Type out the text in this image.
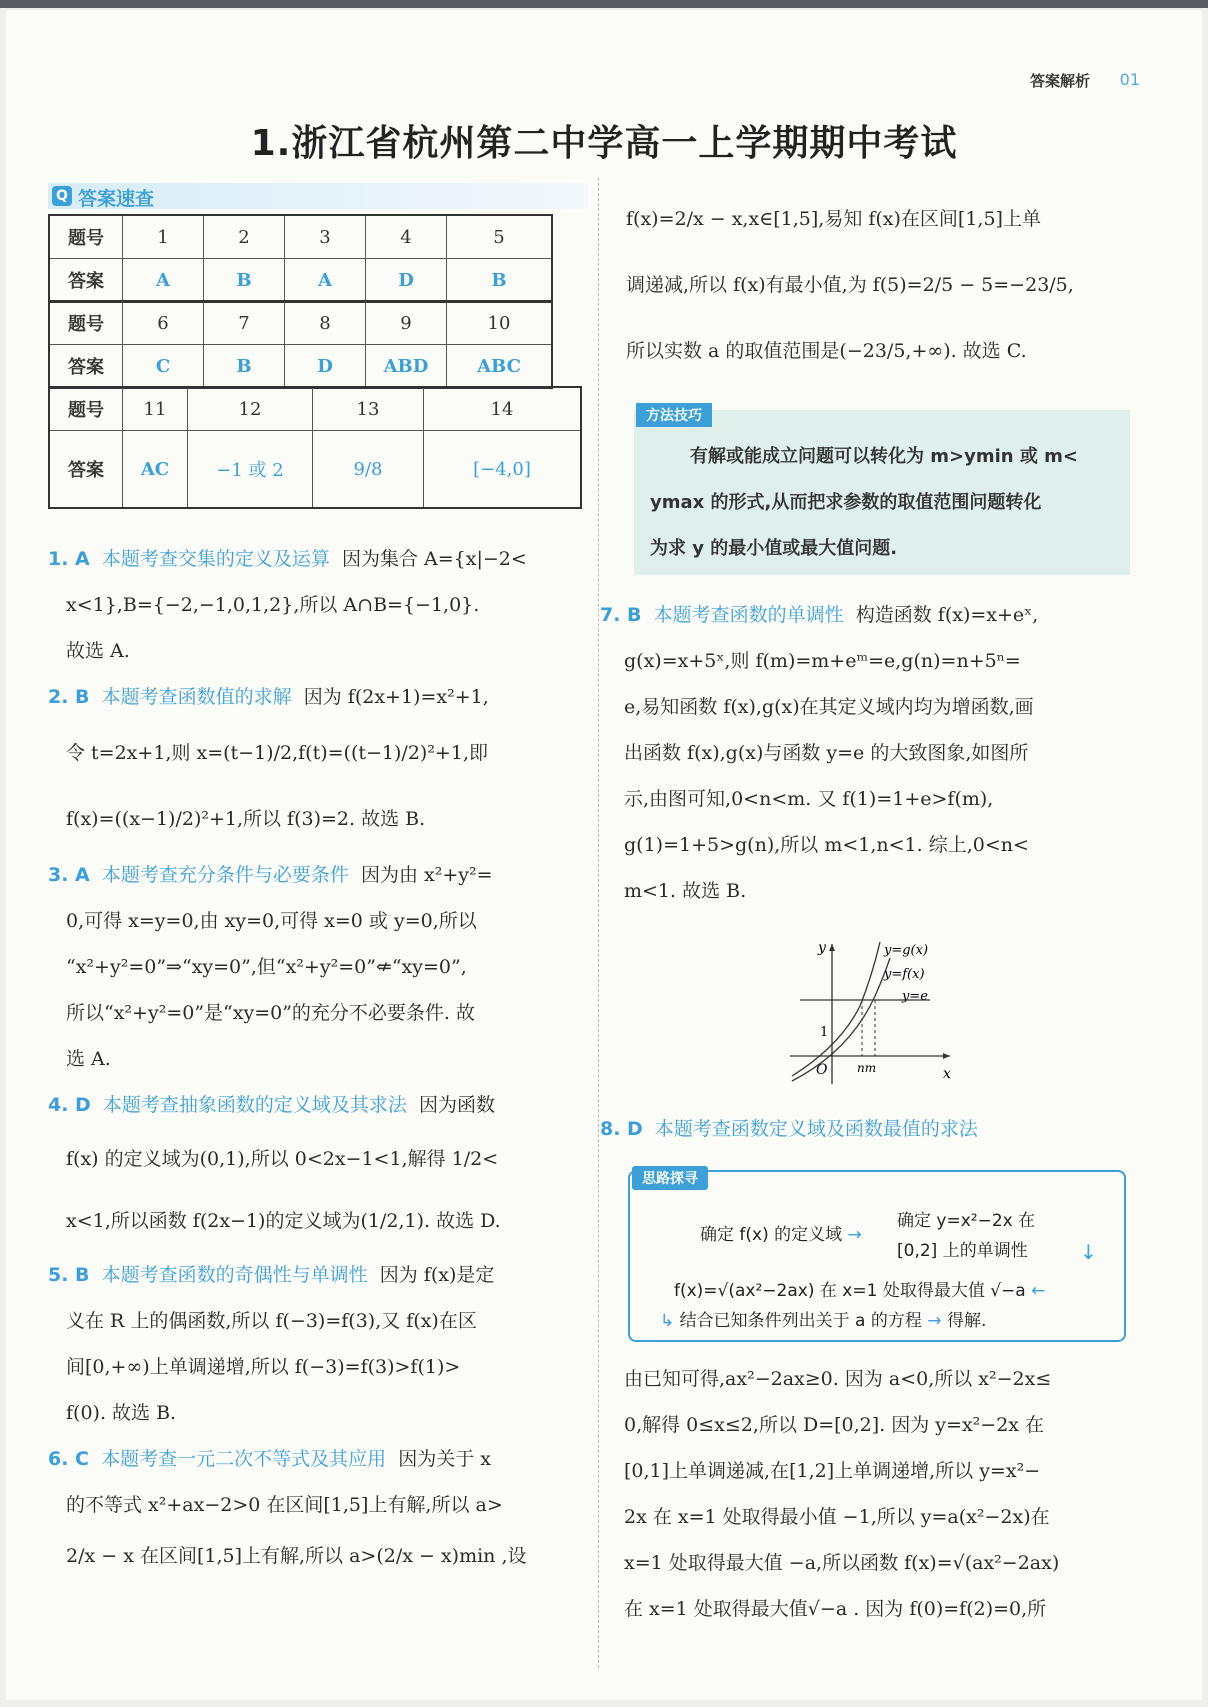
答案解析 01
1.浙江省杭州第二中学高一上学期期中考试
Q 答案速查
题号	1	2	3	4	5
答案	A	B	A	D	B
题号	6	7	8	9	10
答案	C	B	D	ABD	ABC
题号	11	12	13	14
答案	AC	−1 或 2	9/8	[−4,0]

1. A 本题考查交集的定义及运算 因为集合 A={x|−2<

x<1},B={−2,−1,0,1,2},所以 A∩B={−1,0}.

故选 A.

2. B 本题考查函数值的求解 因为 f(2x+1)=x²+1,

令 t=2x+1,则 x=(t−1)/2,f(t)=((t−1)/2)²+1,即

f(x)=((x−1)/2)²+1,所以 f(3)=2. 故选 B.

3. A 本题考查充分条件与必要条件 因为由 x²+y²=

0,可得 x=y=0,由 xy=0,可得 x=0 或 y=0,所以

“x²+y²=0”⇒“xy=0”,但“x²+y²=0”⇍“xy=0”,

所以“x²+y²=0”是“xy=0”的充分不必要条件. 故

选 A.

4. D 本题考查抽象函数的定义域及其求法 因为函数

f(x) 的定义域为(0,1),所以 0<2x−1<1,解得 1/2<

x<1,所以函数 f(2x−1)的定义域为(1/2,1). 故选 D.

5. B 本题考查函数的奇偶性与单调性 因为 f(x)是定

义在 R 上的偶函数,所以 f(−3)=f(3),又 f(x)在区

间[0,+∞)上单调递增,所以 f(−3)=f(3)>f(1)>

f(0). 故选 B.

6. C 本题考查一元二次不等式及其应用 因为关于 x

的不等式 x²+ax−2>0 在区间[1,5]上有解,所以 a>

2/x − x 在区间[1,5]上有解,所以 a>(2/x − x)min ,设

f(x)=2/x − x,x∈[1,5],易知 f(x)在区间[1,5]上单

调递减,所以 f(x)有最小值,为 f(5)=2/5 − 5=−23/5,

所以实数 a 的取值范围是(−23/5,+∞). 故选 C.

方法技巧
有解或能成立问题可以转化为 m>ymin 或 m<
ymax 的形式,从而把求参数的取值范围问题转化
为求 y 的最小值或最大值问题.

7. B 本题考查函数的单调性 构造函数 f(x)=x+eˣ,

g(x)=x+5ˣ,则 f(m)=m+eᵐ=e,g(n)=n+5ⁿ=

e,易知函数 f(x),g(x)在其定义域内均为增函数,画

出函数 f(x),g(x)与函数 y=e 的大致图象,如图所

示,由图可知,0<n<m. 又 f(1)=1+e>f(m),

g(1)=1+5>g(n),所以 m<1,n<1. 综上,0<n<

m<1. 故选 B.

y
x
O
1
nm
y=g(x)
y=f(x)
y=e

8. D 本题考查函数定义域及函数最值的求法

思路探寻
确定 f(x) 的定义域 →
确定 y=x²−2x 在
[0,2] 上的单调性	↓
f(x)=√(ax²−2ax) 在 x=1 处取得最大值 √−a ←
↳ 结合已知条件列出关于 a 的方程 → 得解.

由已知可得,ax²−2ax≥0. 因为 a<0,所以 x²−2x≤

0,解得 0≤x≤2,所以 D=[0,2]. 因为 y=x²−2x 在

[0,1]上单调递减,在[1,2]上单调递增,所以 y=x²−

2x 在 x=1 处取得最小值 −1,所以 y=a(x²−2x)在

x=1 处取得最大值 −a,所以函数 f(x)=√(ax²−2ax)

在 x=1 处取得最大值√−a . 因为 f(0)=f(2)=0,所
